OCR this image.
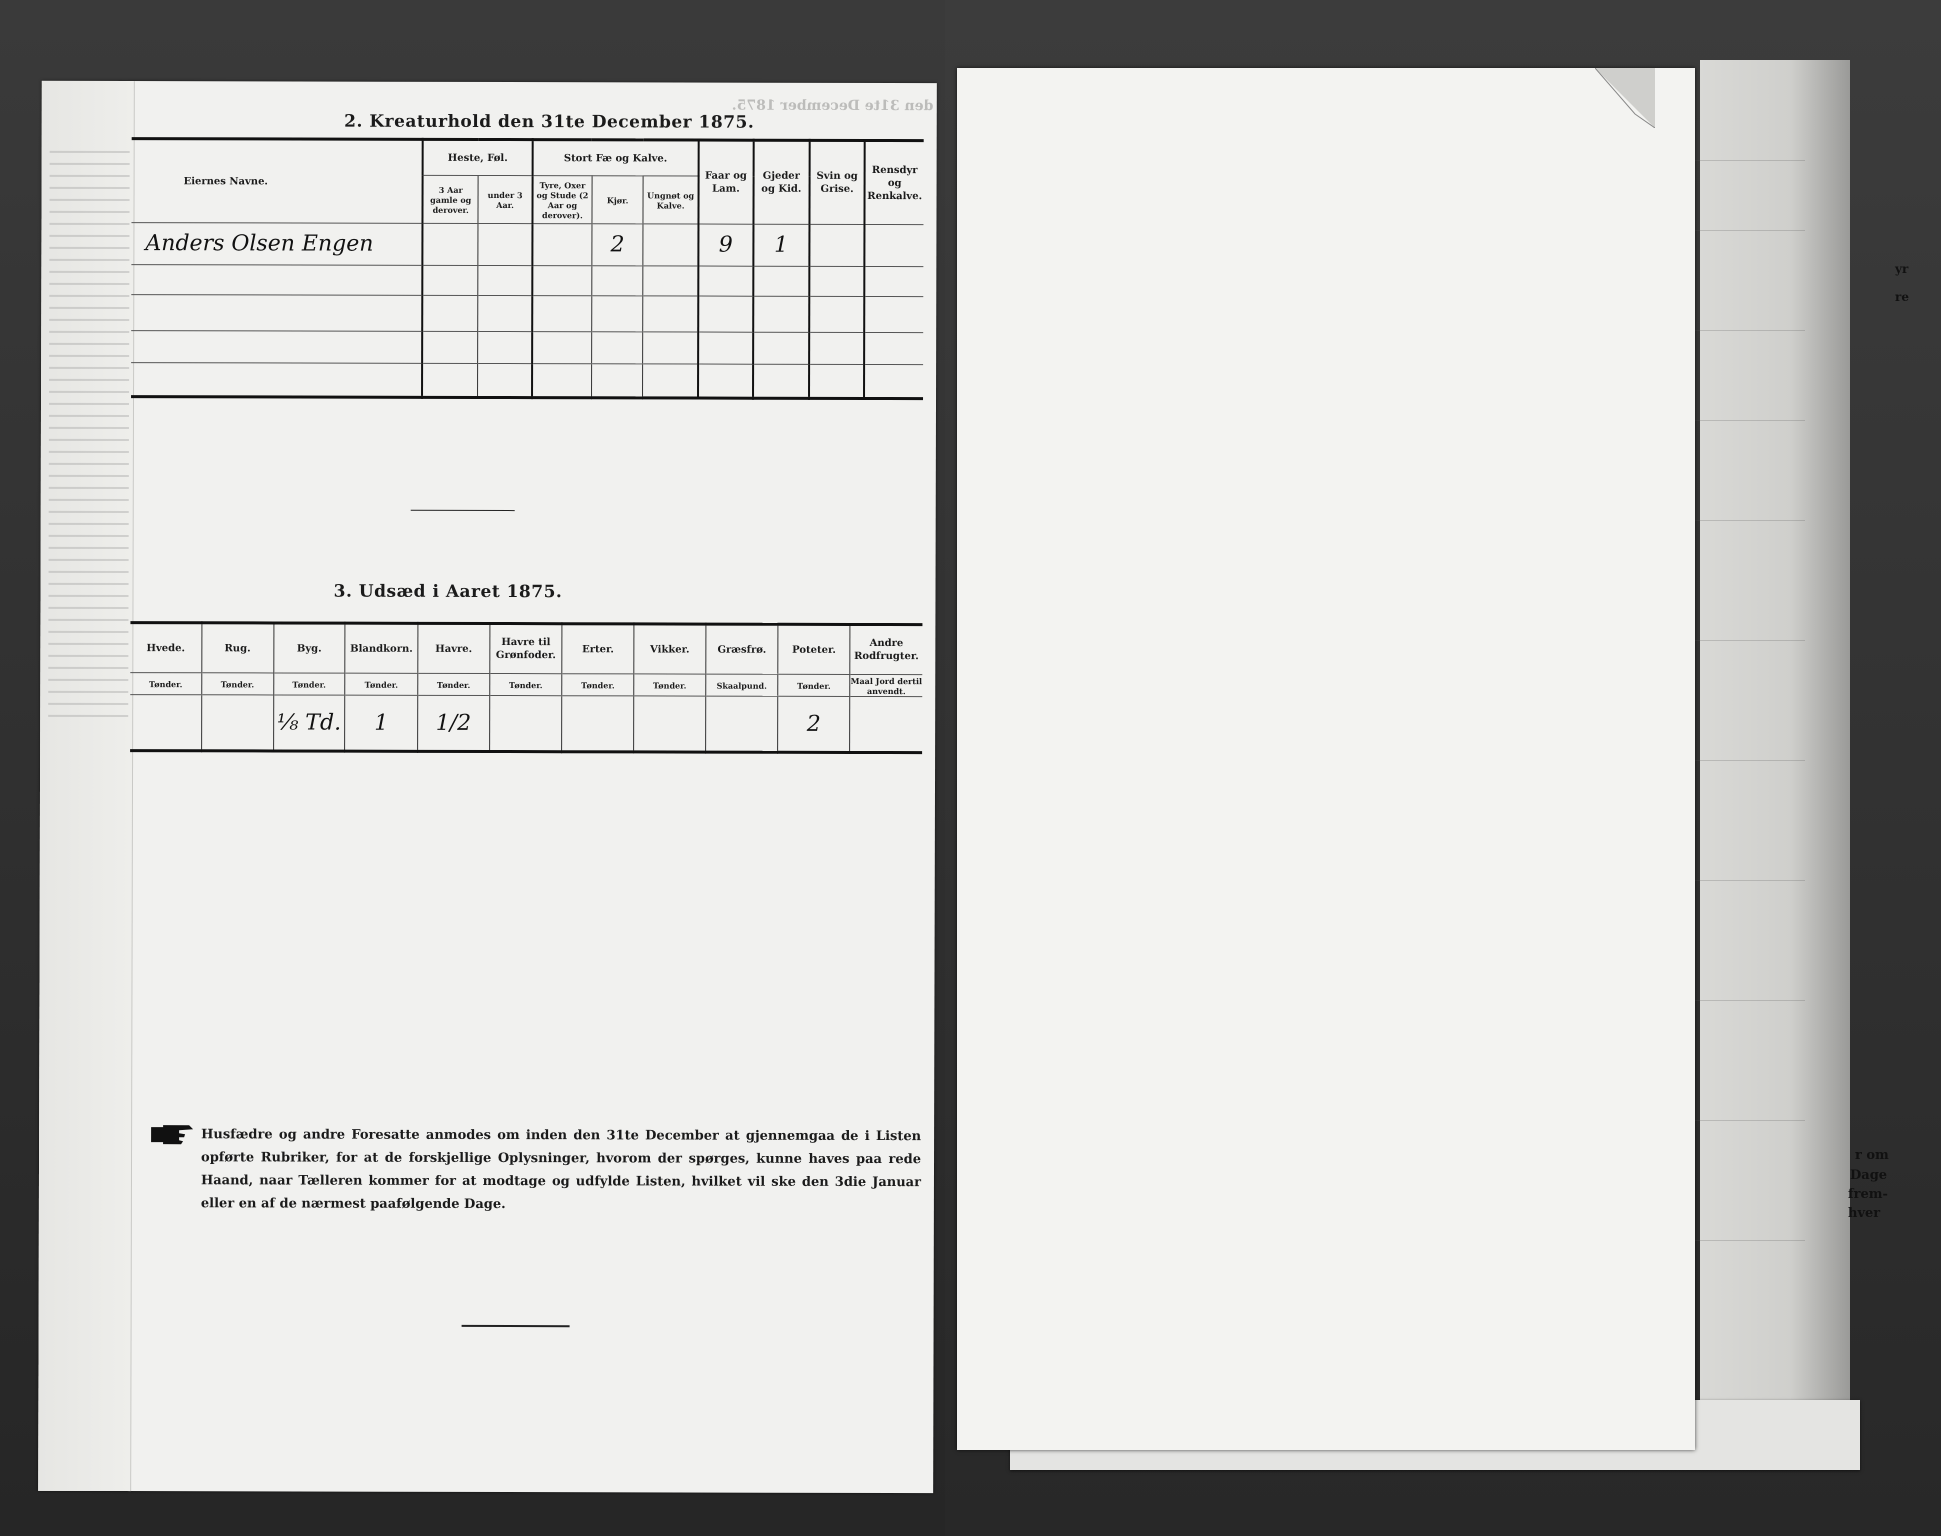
2. Kreaturhold den 31te December 1875.
den 31te December 1875.
Eiernes Navne.	Heste, Føl.		Stort Fæ og Kalve.			Faar og Lam.	Gjeder og Kid.	Svin og Grise.	Rensdyr og Renkalve.
	3 Aar gamle og derover.	under 3 Aar.	Tyre, Oxer og Stude (2 Aar og derover).	Kjør.	Ungnøt og Kalve.				
Anders Olsen Engen				2		9	1		

3. Udsæd i Aaret 1875.
Hvede.	Rug.	Byg.	Blandkorn.	Havre.	Havre til Grønfoder.	Erter.	Vikker.	Græsfrø.	Poteter.	Andre Rodfrugter.
Tønder.	Tønder.	Tønder.	Tønder.	Tønder.	Tønder.	Tønder.	Tønder.	Skaalpund.	Tønder.	Maal Jord dertil anvendt.
		⅛ Td.	1	1/2					2	
Husfædre og andre Foresatte anmodes om inden den 31te December at gjennemgaa de i Listen opførte Rubriker, for at de forskjellige Oplysninger, hvorom der spørges, kunne haves paa rede Haand, naar Tælleren kommer for at modtage og udfylde Listen, hvilket vil ske den 3die Januar eller en af de nærmest paafølgende Dage.
yr
re
r om
Dage
frem-
hver
